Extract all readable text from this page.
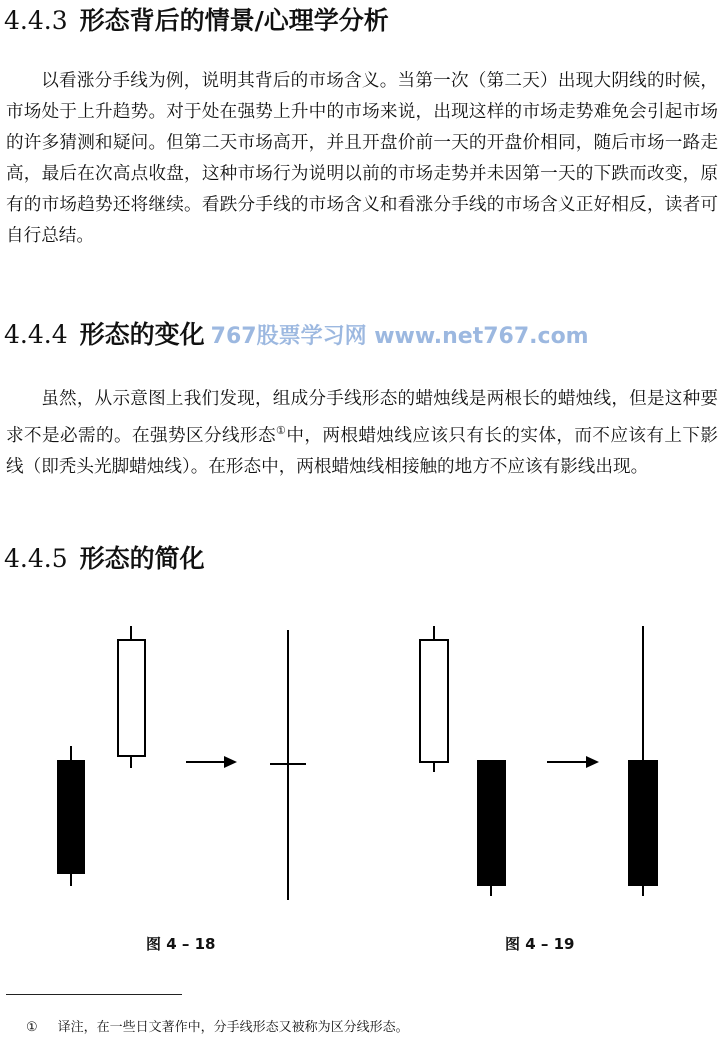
4.4.3 形态背后的情景/心理学分析

以看涨分手线为例，说明其背后的市场含义。当第一次（第二天）出现大阴线的时候，市场处于上升趋势。对于处在强势上升中的市场来说，出现这样的市场走势难免会引起市场的许多猜测和疑问。但第二天市场高开，并且开盘价前一天的开盘价相同，随后市场一路走高，最后在次高点收盘，这种市场行为说明以前的市场走势并未因第一天的下跌而改变，原有的市场趋势还将继续。看跌分手线的市场含义和看涨分手线的市场含义正好相反，读者可自行总结。

4.4.4 形态的变化 767股票学习网 www.net767.com

虽然，从示意图上我们发现，组成分手线形态的蜡烛线是两根长的蜡烛线，但是这种要求不是必需的。在强势区分线形态①中，两根蜡烛线应该只有长的实体，而不应该有上下影线（即秃头光脚蜡烛线）。在形态中，两根蜡烛线相接触的地方不应该有影线出现。

4.4.5 形态的简化
图 4 – 18	图 4 – 19
① 译注，在一些日文著作中，分手线形态又被称为区分线形态。
